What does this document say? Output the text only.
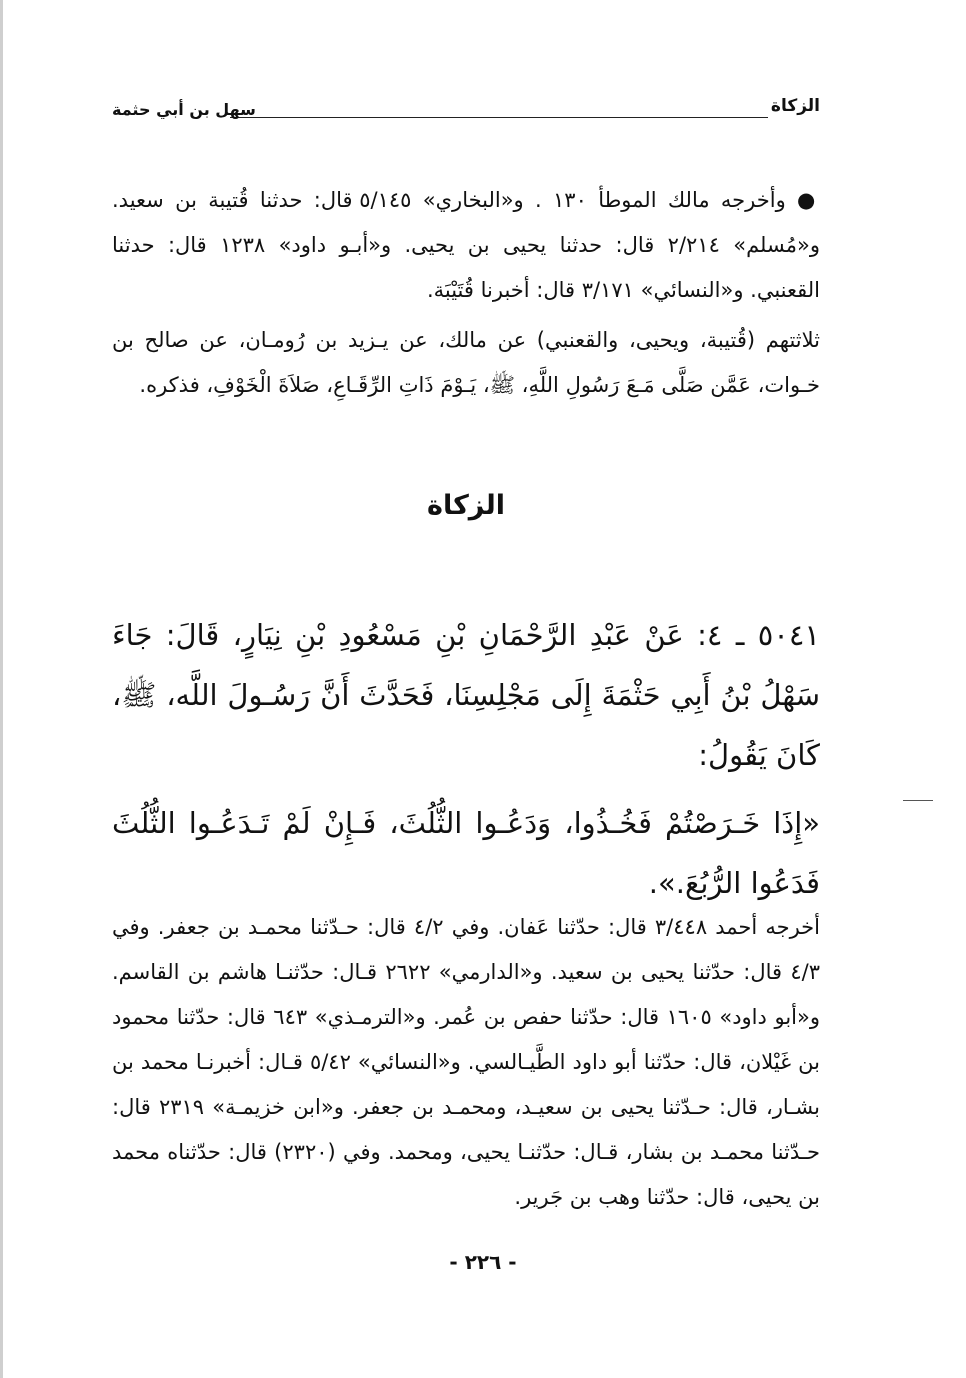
الزكاة
سهل بن أبي حثمة
● وأخرجه مالك الموطأ ١٣٠ . و«البخاري» ٥/١٤٥ قال: حدثنا قُتيبة بن سعيد. و«مُسلم» ٢/٢١٤ قال: حدثنا يحيى بن يحيى. و«أبـو داود» ١٢٣٨ قال: حدثنا القعنبي. و«النسائي» ٣/١٧١ قال: أخبرنا قُتَيْبَة.
ثلاثتهم (قُتيبة، ويحيى، والقعنبي) عن مالك، عن يـزيد بن رُومـان، عن صالح بن خـوات، عَمَّن صَلَّى مَـعَ رَسُولِ اللَّهِ، ﷺ، يَـوْمَ ذَاتِ الرِّقَـاعِ، صَلاَةَ الْخَوْفِ، فذكره.
الزكاة
٥٠٤١ ـ ٤: عَنْ عَبْدِ الرَّحْمَانِ بْنِ مَسْعُودِ بْنِ نِيَارٍ، قَالَ: جَاءَ سَهْلُ بْنُ أَبِي حَثْمَةَ إِلَى مَجْلِسِنَا، فَحَدَّثَ أَنَّ رَسُـولَ اللَّه، ﷺ، كَانَ يَقُولُ:
«إِذَا خَـرَصْتُمْ فَخُـذُوا، وَدَعُـوا الثُّلُثَ، فَـإِنْ لَمْ تَـدَعُـوا الثُّلُثَ فَدَعُوا الرُّبُعَ.».
أخرجه أحمد ٣/٤٤٨ قال: حدّثنا عَفان. وفي ٤/٢ قال: حـدّثنا محمـد بن جعفر. وفي ٤/٣ قال: حدّثنا يحيى بن سعيد. و«الدارمي» ٢٦٢٢ قـال: حدّثنـا هاشم بن القاسم. و«أبو داود» ١٦٠٥ قال: حدّثنا حفص بن عُمر. و«الترمـذي» ٦٤٣ قال: حدّثنا محمود بن غَيْلان، قال: حدّثنا أبو داود الطَّيـالسي. و«النسائي» ٥/٤٢ قـال: أخبرنـا محمد بن بشـار، قال: حـدّثنا يحيى بن سعيـد، ومحمـد بن جعفر. و«ابن خزيمـة» ٢٣١٩ قال: حـدّثنا محمـد بن بشار، قـال: حدّثنـا يحيى، ومحمد. وفي (٢٣٢٠) قال: حدّثناه محمد بن يحيى، قال: حدّثنا وهب بن جَرير.
- ٢٢٦ -
